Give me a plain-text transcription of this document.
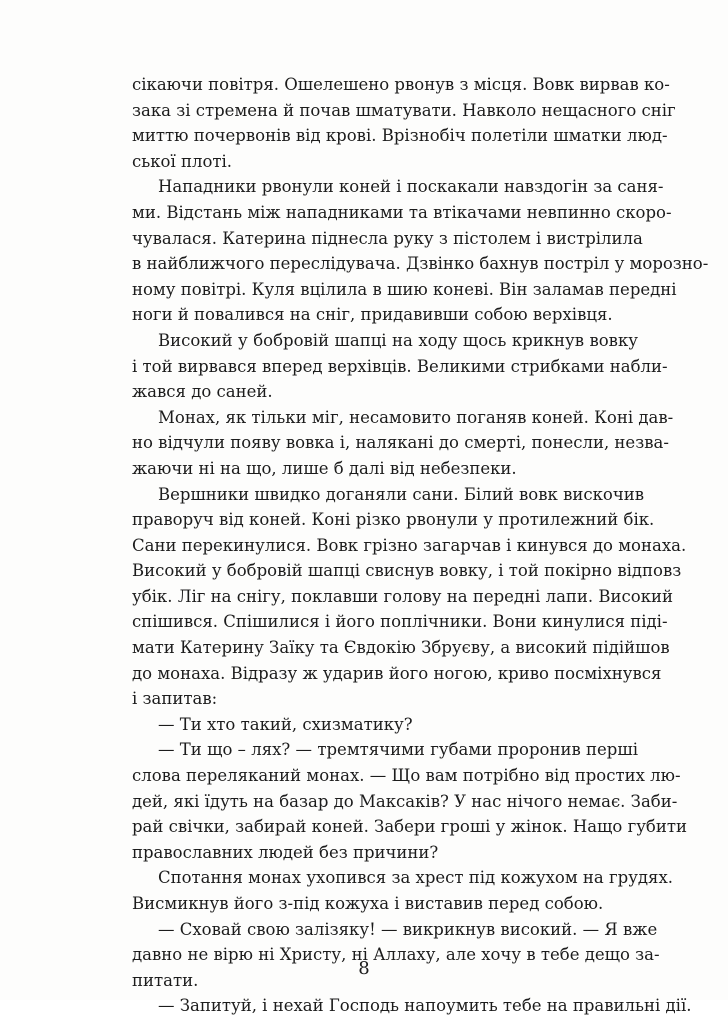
сікаючи повітря. Ошелешено рвонув з місця. Вовк вирвав ко-
зака зі стремена й почав шматувати. Навколо нещасного сніг
миттю почервонів від крові. Врізнобіч полетіли шматки люд-
ської плоті.
Нападники рвонули коней і поскакали навздогін за саня-
ми. Відстань між нападниками та втікачами невпинно скоро-
чувалася. Катерина піднесла руку з пістолем і вистрілила
в найближчого переслідувача. Дзвінко бахнув постріл у морозно-
ному повітрі. Куля вцілила в шию коневі. Він заламав передні
ноги й повалився на сніг, придавивши собою верхівця.
Високий у бобровій шапці на ходу щось крикнув вовку
і той вирвався вперед верхівців. Великими стрибками набли-
жався до саней.
Монах, як тільки міг, несамовито поганяв коней. Коні дав-
но відчули появу вовка і, налякані до смерті, понесли, незва-
жаючи ні на що, лише б далі від небезпеки.
Вершники швидко доганяли сани. Білий вовк вискочив
праворуч від коней. Коні різко рвонули у протилежний бік.
Сани перекинулися. Вовк грізно загарчав і кинувся до монаха.
Високий у бобровій шапці свиснув вовку, і той покірно відповз
убік. Ліг на снігу, поклавши голову на передні лапи. Високий
спішився. Спішилися і його поплічники. Вони кинулися піді-
мати Катерину Заїку та Євдокію Збруєву, а високий підійшов
до монаха. Відразу ж ударив його ногою, криво посміхнувся
і запитав:
— Ти хто такий, схизматику?
— Ти що – лях? — тремтячими губами проронив перші
слова переляканий монах. — Що вам потрібно від простих лю-
дей, які їдуть на базар до Максаків? У нас нічого немає. Заби-
рай свічки, забирай коней. Забери гроші у жінок. Нащо губити
православних людей без причини?
Спотання монах ухопився за хрест під кожухом на грудях.
Висмикнув його з-під кожуха і виставив перед собою.
— Сховай свою залізяку! — викрикнув високий. — Я вже
давно не вірю ні Христу, ні Аллаху, але хочу в тебе дещо за-
питати.
— Запитуй, і нехай Господь напоумить тебе на правильні дії.
8
